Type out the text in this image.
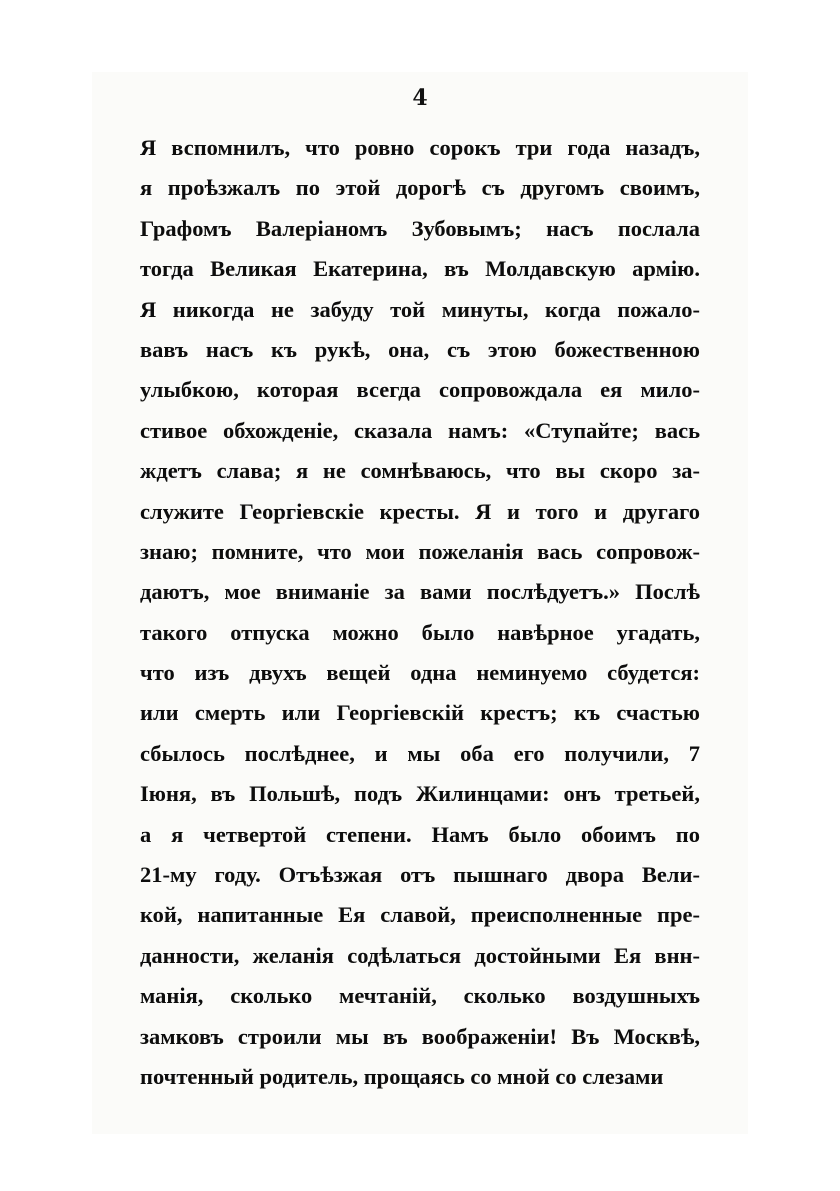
4
Я вспомнилъ, что ровно сорокъ три года назадъ,
я проѣзжалъ по этой дорогѣ съ другомъ своимъ,
Графомъ Валеріаномъ Зубовымъ; насъ послала
тогда Великая Екатерина, въ Молдавскую армію.
Я никогда не забуду той минуты, когда пожало-
вавъ насъ къ рукѣ, она, съ этою божественною
улыбкою, которая всегда сопровождала ея мило-
стивое обхожденіе, сказала намъ: «Ступайте; вась
ждетъ слава; я не сомнѣваюсь, что вы скоро за-
служите Георгіевскіе кресты. Я и того и другаго
знаю; помните, что мои пожеланія вась сопровож-
даютъ, мое вниманіе за вами послѣдуетъ.» Послѣ
такого отпуска можно было навѣрное угадать,
что изъ двухъ вещей одна неминуемо сбудется:
или смерть или Георгіевскій крестъ; къ счастью
сбылось послѣднее, и мы оба его получили, 7
Іюня, въ Польшѣ, подъ Жилинцами: онъ третьей,
а я четвертой степени. Намъ было обоимъ по
21-му году. Отъѣзжая отъ пышнаго двора Вели-
кой, напитанные Ея славой, преисполненные пре-
данности, желанія содѣлаться достойными Ея внн-
манія, сколько мечтаній, сколько воздушныхъ
замковъ строили мы въ воображеніи! Въ Москвѣ,
почтенный родитель, прощаясь со мной со слезами
